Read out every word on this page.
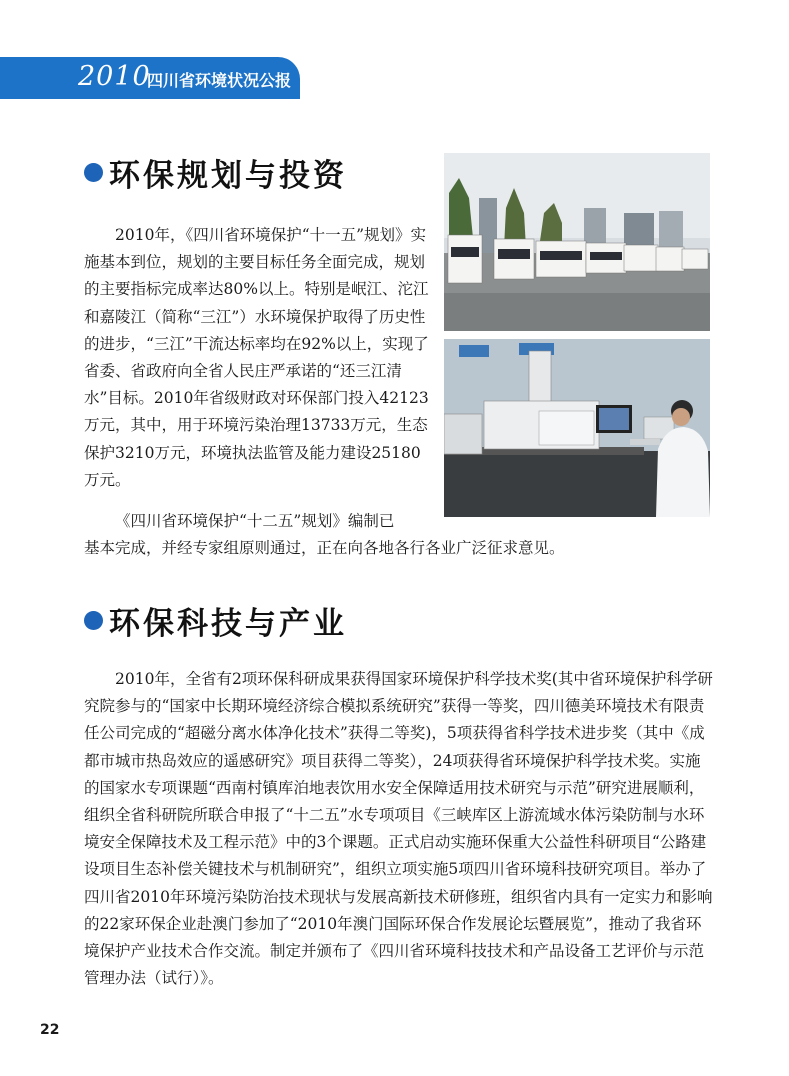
2010
四川省环境状况公报
环保规划与投资

2010年，《四川省环境保护“十一五”规划》实施基本到位，规划的主要目标任务全面完成，规划的主要指标完成率达80%以上。特别是岷江、沱江和嘉陵江（简称“三江”）水环境保护取得了历史性的进步，“三江”干流达标率均在92%以上，实现了省委、省政府向全省人民庄严承诺的“还三江清水”目标。2010年省级财政对环保部门投入42123万元，其中，用于环境污染治理13733万元，生态保护3210万元，环境执法监管及能力建设25180万元。

《四川省环境保护“十二五”规划》编制已

基本完成，并经专家组原则通过，正在向各地各行各业广泛征求意见。

环保科技与产业

2010年，全省有2项环保科研成果获得国家环境保护科学技术奖(其中省环境保护科学研究院参与的“国家中长期环境经济综合模拟系统研究”获得一等奖，四川德美环境技术有限责任公司完成的“超磁分离水体净化技术”获得二等奖)，5项获得省科学技术进步奖（其中《成都市城市热岛效应的遥感研究》项目获得二等奖），24项获得省环境保护科学技术奖。实施的国家水专项课题“西南村镇库泊地表饮用水安全保障适用技术研究与示范”研究进展顺利，组织全省科研院所联合申报了“十二五”水专项项目《三峡库区上游流域水体污染防制与水环境安全保障技术及工程示范》中的3个课题。正式启动实施环保重大公益性科研项目“公路建设项目生态补偿关键技术与机制研究”，组织立项实施5项四川省环境科技研究项目。举办了四川省2010年环境污染防治技术现状与发展高新技术研修班，组织省内具有一定实力和影响的22家环保企业赴澳门参加了“2010年澳门国际环保合作发展论坛暨展览”，推动了我省环境保护产业技术合作交流。制定并颁布了《四川省环境科技技术和产品设备工艺评价与示范管理办法（试行）》。

22
